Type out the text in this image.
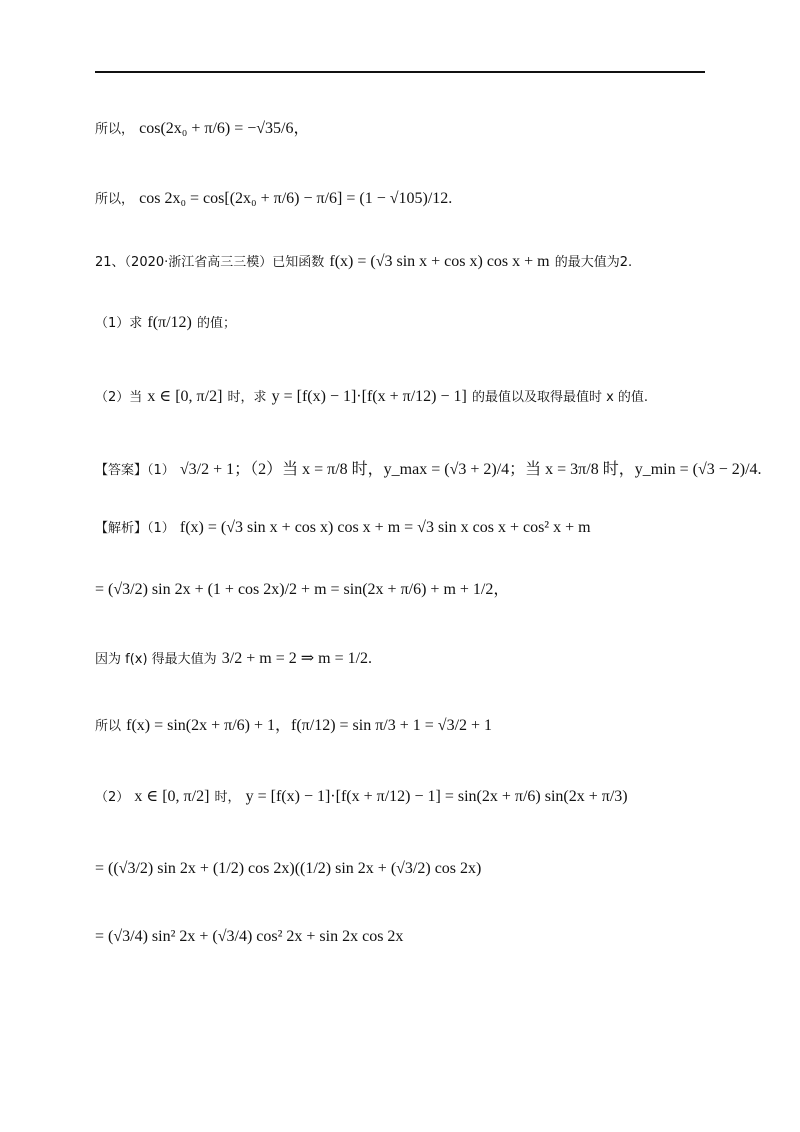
所以， cos(2x₀ + π/6) = −√35/6，
所以， cos 2x₀ = cos[(2x₀ + π/6) − π/6] = (1 − √105)/12.
21、（2020·浙江省高三三模）已知函数 f(x) = (√3 sin x + cos x) cos x + m 的最大值为2.
（1）求 f(π/12) 的值；
（2）当 x ∈ [0, π/2] 时，求 y = [f(x) − 1]·[f(x + π/12) − 1] 的最值以及取得最值时 x 的值.
【答案】（1） √3/2 + 1；（2）当 x = π/8 时，y_max = (√3 + 2)/4；当 x = 3π/8 时，y_min = (√3 − 2)/4.
【解析】（1） f(x) = (√3 sin x + cos x) cos x + m = √3 sin x cos x + cos² x + m
= (√3/2) sin 2x + (1 + cos 2x)/2 + m = sin(2x + π/6) + m + 1/2，
因为 f(x) 得最大值为 3/2 + m = 2 ⇒ m = 1/2.
所以 f(x) = sin(2x + π/6) + 1，f(π/12) = sin π/3 + 1 = √3/2 + 1
（2） x ∈ [0, π/2] 时， y = [f(x) − 1]·[f(x + π/12) − 1] = sin(2x + π/6) sin(2x + π/3)
= ((√3/2) sin 2x + (1/2) cos 2x)((1/2) sin 2x + (√3/2) cos 2x)
= (√3/4) sin² 2x + (√3/4) cos² 2x + sin 2x cos 2x
